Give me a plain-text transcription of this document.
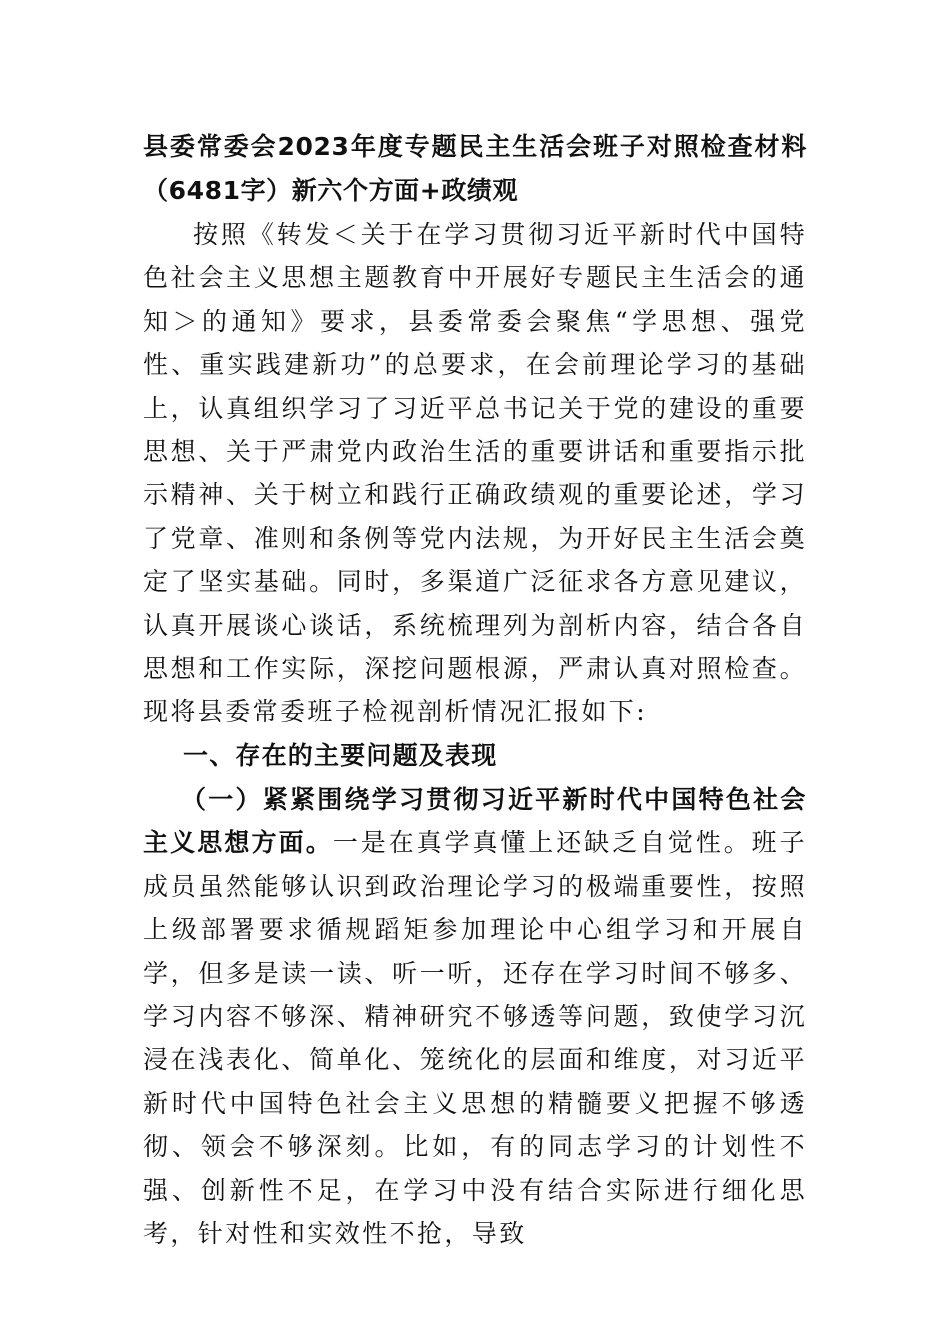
县委常委会2023年度专题民主生活会班子对照检查材料（6481字）新六个方面+政绩观

按照《转发＜关于在学习贯彻习近平新时代中国特色社会主义思想主题教育中开展好专题民主生活会的通知＞的通知》要求，县委常委会聚焦“学思想、强党性、重实践建新功”的总要求，在会前理论学习的基础上，认真组织学习了习近平总书记关于党的建设的重要思想、关于严肃党内政治生活的重要讲话和重要指示批示精神、关于树立和践行正确政绩观的重要论述，学习了党章、准则和条例等党内法规，为开好民主生活会奠定了坚实基础。同时，多渠道广泛征求各方意见建议，认真开展谈心谈话，系统梳理列为剖析内容，结合各自思想和工作实际，深挖问题根源，严肃认真对照检查。现将县委常委班子检视剖析情况汇报如下:

一、存在的主要问题及表现

（一）紧紧围绕学习贯彻习近平新时代中国特色社会主义思想方面。一是在真学真懂上还缺乏自觉性。班子成员虽然能够认识到政治理论学习的极端重要性，按照上级部署要求循规蹈矩参加理论中心组学习和开展自学，但多是读一读、听一听，还存在学习时间不够多、学习内容不够深、精神研究不够透等问题，致使学习沉浸在浅表化、简单化、笼统化的层面和维度，对习近平新时代中国特色社会主义思想的精髓要义把握不够透彻、领会不够深刻。比如，有的同志学习的计划性不强、创新性不足，在学习中没有结合实际进行细化思考，针对性和实效性不抢，导致
